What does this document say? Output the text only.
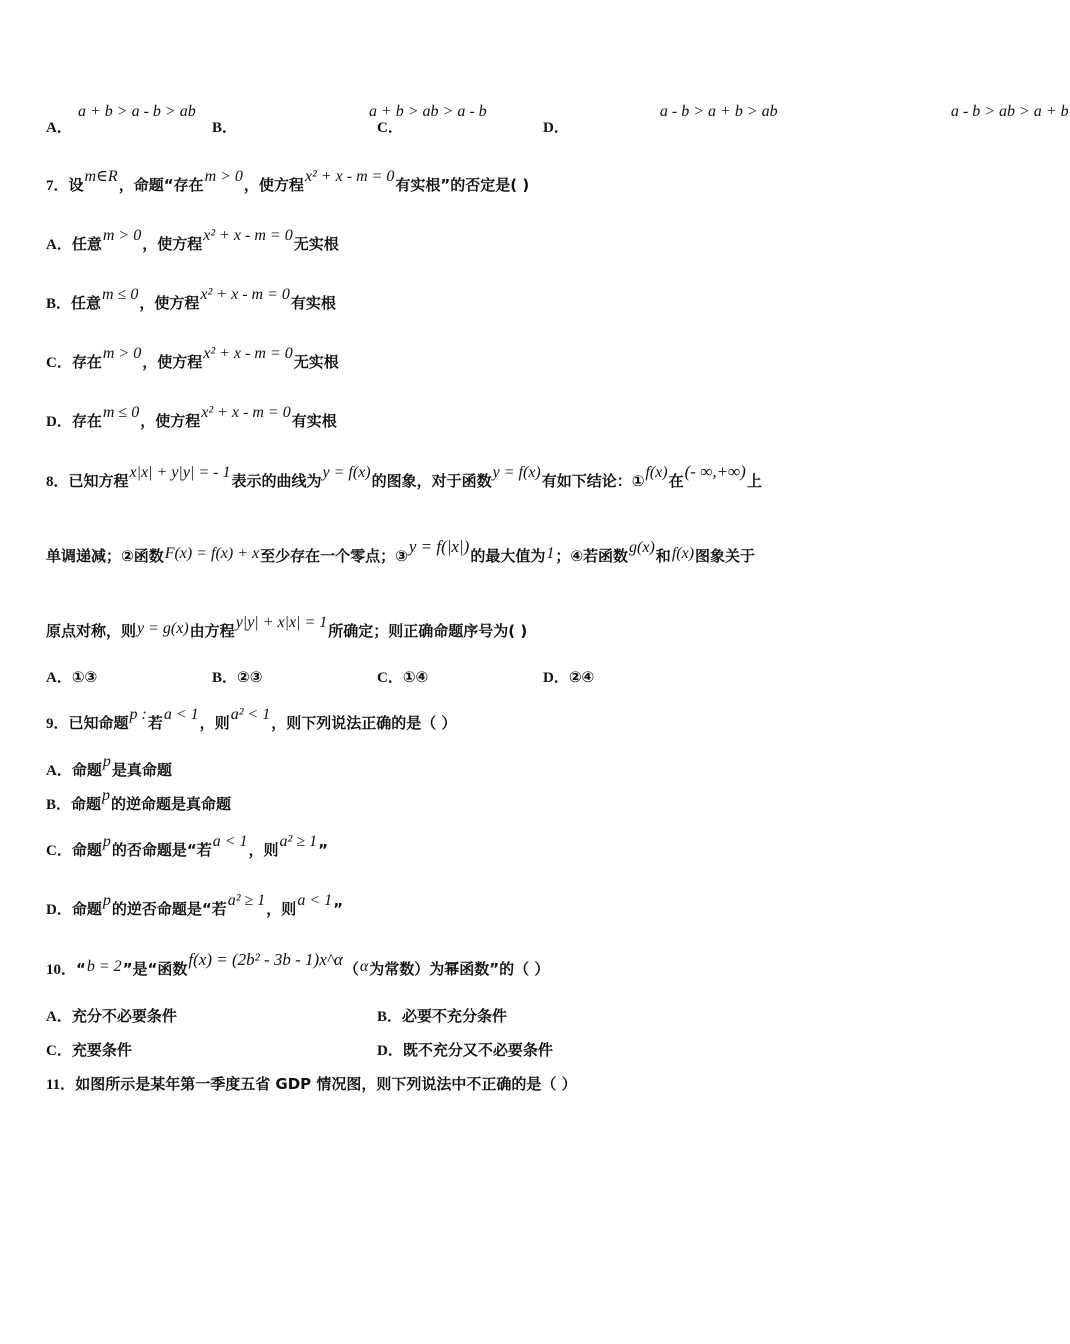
A．
a + b > a - b > ab
B．
a + b > ab > a - b
C．
a - b > a + b > ab
D．
a - b > ab > a + b
7．设m∈R，命题“存在m > 0，使方程x² + x - m = 0有实根”的否定是( )
A．任意m > 0，使方程x² + x - m = 0无实根
B．任意m ≤ 0，使方程x² + x - m = 0有实根
C．存在m > 0，使方程x² + x - m = 0无实根
D．存在m ≤ 0，使方程x² + x - m = 0有实根
8．已知方程x|x| + y|y| = - 1表示的曲线为y = f(x)的图象，对于函数y = f(x)有如下结论：①f(x)在(- ∞,+∞)上
单调递减；②函数F(x) = f(x) + x至少存在一个零点；③y = f(|x|)的最大值为1；④若函数g(x)和f(x)图象关于
原点对称，则y = g(x)由方程y|y| + x|x| = 1所确定；则正确命题序号为( )
A．①③	B．②③	C．①④	D．②④
9．已知命题p :若a < 1，则a² < 1，则下列说法正确的是（ ）
A．命题p是真命题
B．命题p的逆命题是真命题
C．命题p的否命题是“若a < 1，则a² ≥ 1”
D．命题p的逆否命题是“若a² ≥ 1，则a < 1”
10．“b = 2”是“函数f(x) = (2b² - 3b - 1)x^α（α为常数）为幂函数”的（ ）
A．充分不必要条件	B．必要不充分条件
C．充要条件	D．既不充分又不必要条件
11．如图所示是某年第一季度五省 GDP 情况图，则下列说法中不正确的是（ ）
